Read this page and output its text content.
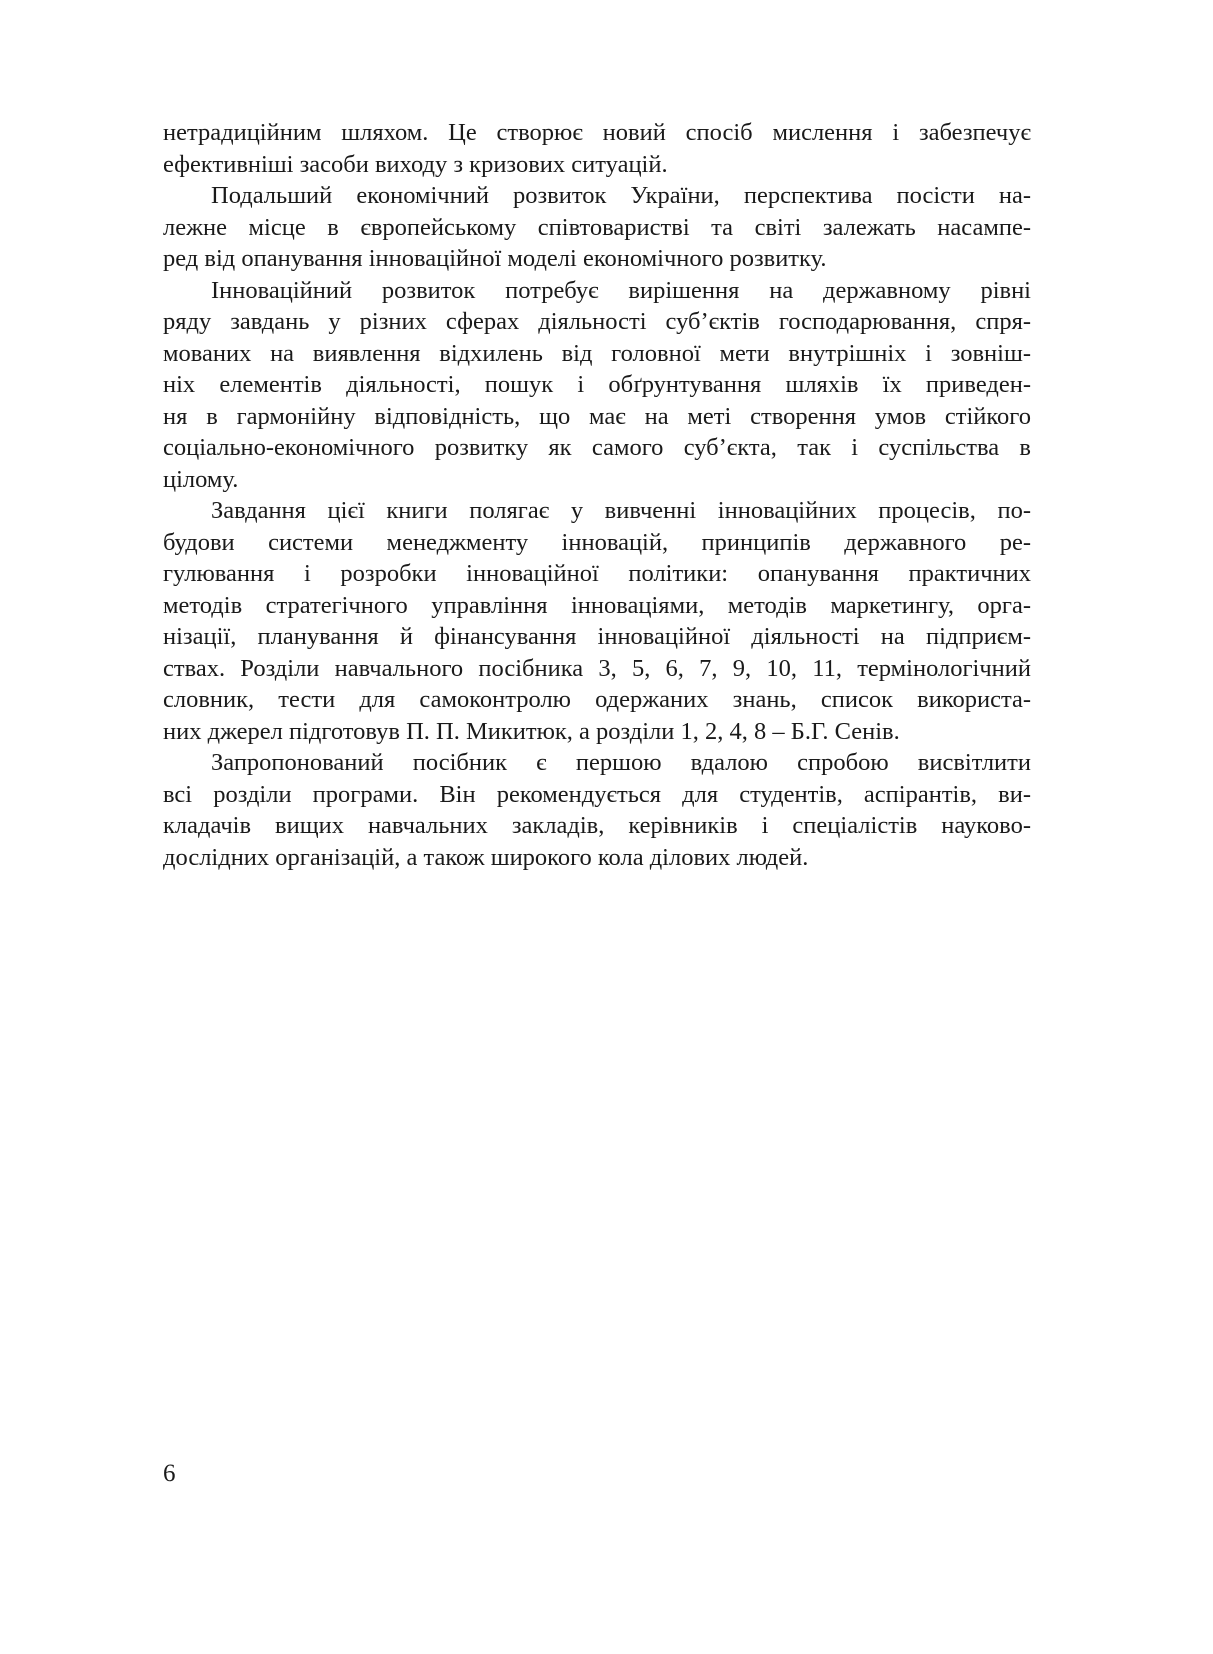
нетрадиційним шляхом. Це створює новий спосіб мислення і забезпечує
ефективніші засоби виходу з кризових ситуацій.
Подальший економічний розвиток України, перспектива посісти на-
лежне місце в європейському співтоваристві та світі залежать насампе-
ред від опанування інноваційної моделі економічного розвитку.
Інноваційний розвиток потребує вирішення на державному рівні
ряду завдань у різних сферах діяльності суб’єктів господарювання, спря-
мованих на виявлення відхилень від головної мети внутрішніх і зовніш-
ніх елементів діяльності, пошук і обґрунтування шляхів їх приведен-
ня в гармонійну відповідність, що має на меті створення умов стійкого
соціально-економічного розвитку як самого суб’єкта, так і суспільства в
цілому.
Завдання цієї книги полягає у вивченні інноваційних процесів, по-
будови системи менеджменту інновацій, принципів державного ре-
гулювання і розробки інноваційної політики: опанування практичних
методів стратегічного управління інноваціями, методів маркетингу, орга-
нізації, планування й фінансування інноваційної діяльності на підприєм-
ствах. Розділи навчального посібника 3, 5, 6, 7, 9, 10, 11, термінологічний
словник, тести для самоконтролю одержаних знань, список використа-
них джерел підготовув П. П. Микитюк, а розділи 1, 2, 4, 8 – Б.Г. Сенів.
Запропонований посібник є першою вдалою спробою висвітлити
всі розділи програми. Він рекомендується для студентів, аспірантів, ви-
кладачів вищих навчальних закладів, керівників і спеціалістів науково-
дослідних організацій, а також широкого кола ділових людей.
6
